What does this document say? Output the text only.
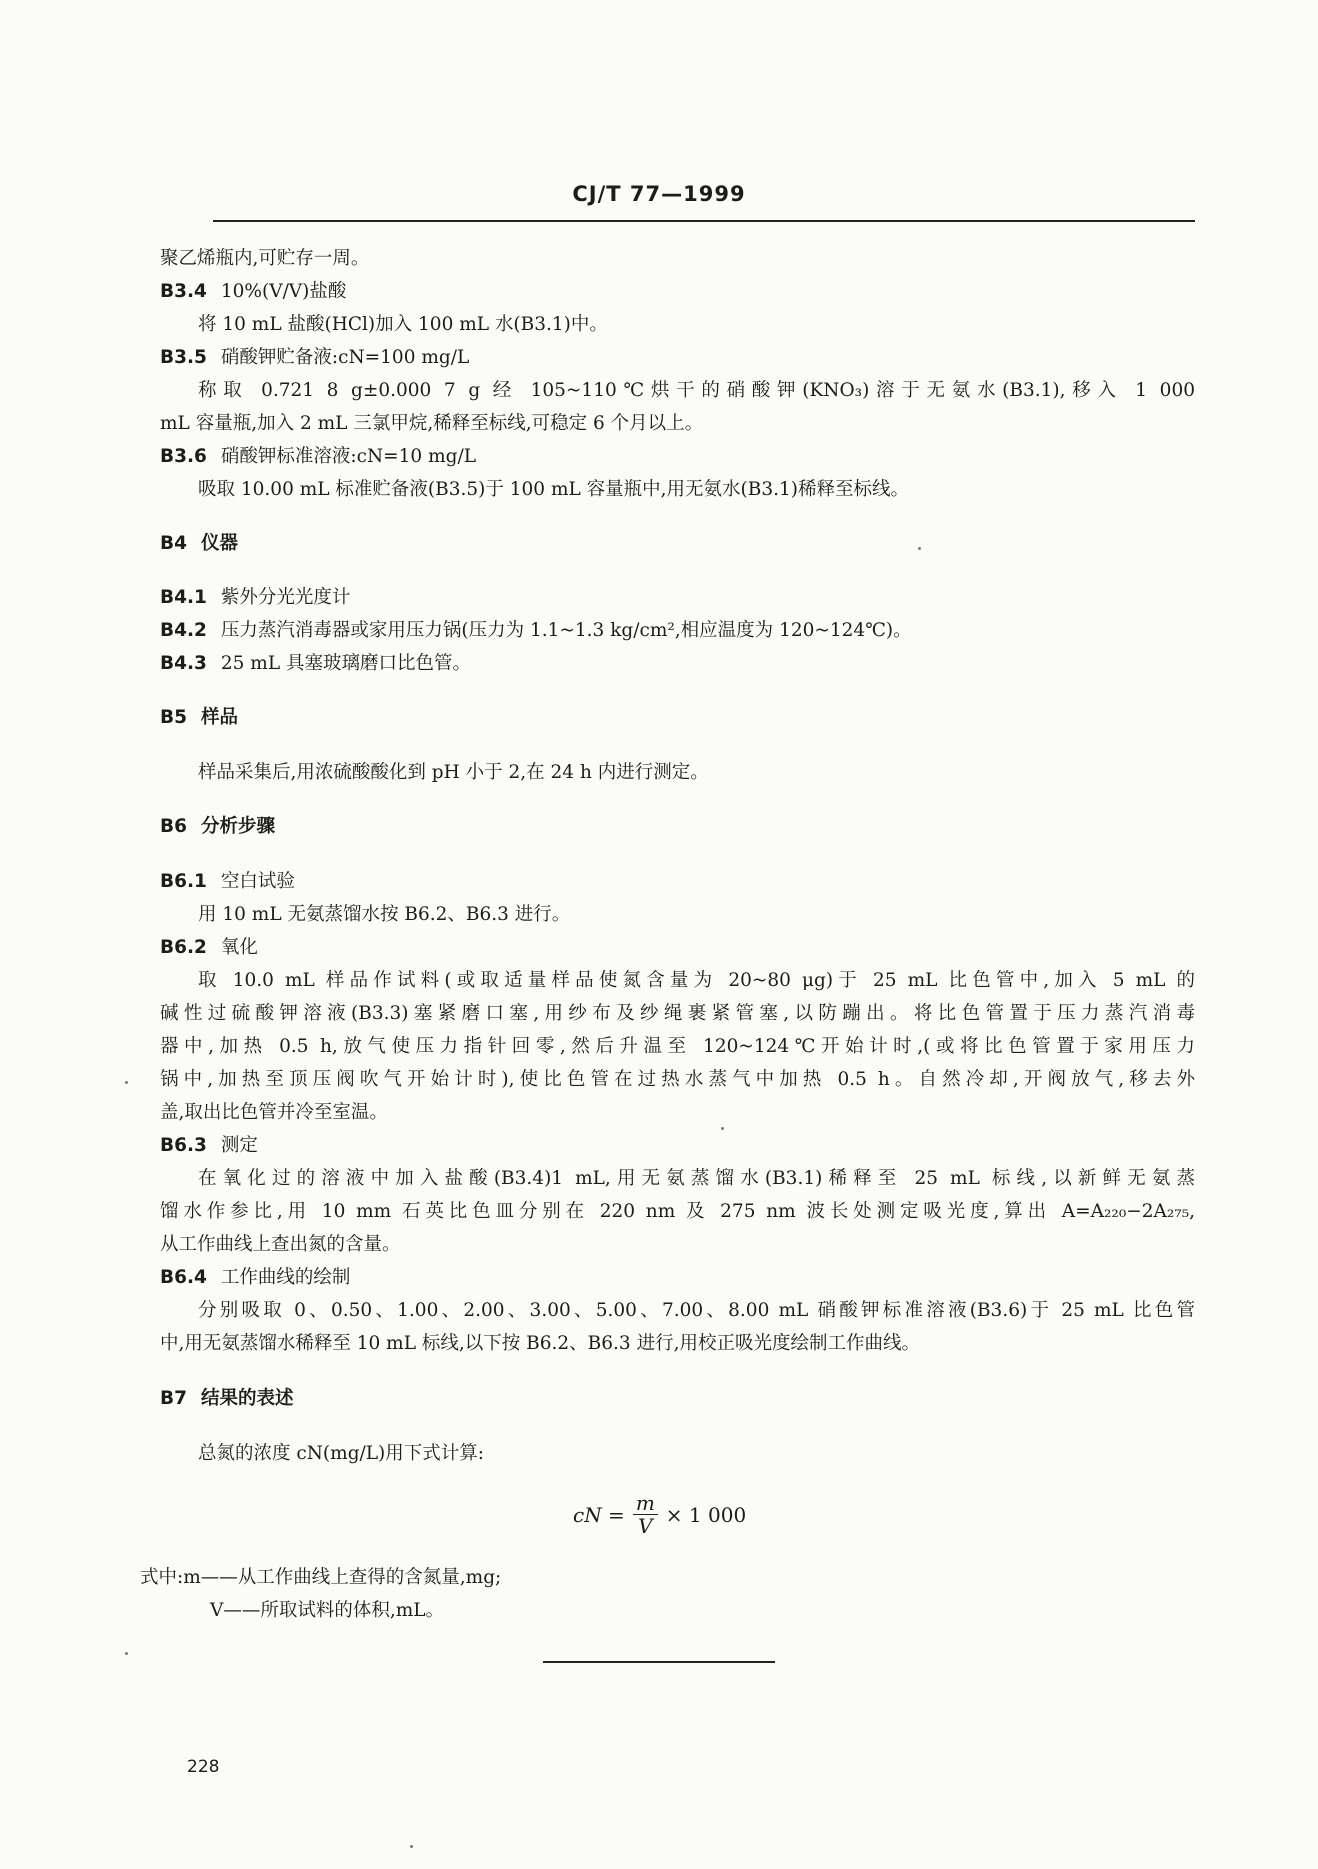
CJ/T 77—1999
聚乙烯瓶内,可贮存一周。
B3.4 10%(V/V)盐酸
将 10 mL 盐酸(HCl)加入 100 mL 水(B3.1)中。
B3.5 硝酸钾贮备液:cN=100 mg/L
称取 0.721 8 g±0.000 7 g 经 105~110℃烘干的硝酸钾(KNO₃)溶于无氨水(B3.1),移入 1 000
mL 容量瓶,加入 2 mL 三氯甲烷,稀释至标线,可稳定 6 个月以上。
B3.6 硝酸钾标准溶液:cN=10 mg/L
吸取 10.00 mL 标准贮备液(B3.5)于 100 mL 容量瓶中,用无氨水(B3.1)稀释至标线。
B4 仪器
B4.1 紫外分光光度计
B4.2 压力蒸汽消毒器或家用压力锅(压力为 1.1~1.3 kg/cm²,相应温度为 120~124℃)。
B4.3 25 mL 具塞玻璃磨口比色管。
B5 样品
样品采集后,用浓硫酸酸化到 pH 小于 2,在 24 h 内进行测定。
B6 分析步骤
B6.1 空白试验
用 10 mL 无氨蒸馏水按 B6.2、B6.3 进行。
B6.2 氧化
取 10.0 mL 样品作试料(或取适量样品使氮含量为 20~80 μg)于 25 mL 比色管中,加入 5 mL 的
碱性过硫酸钾溶液(B3.3)塞紧磨口塞,用纱布及纱绳裹紧管塞,以防蹦出。将比色管置于压力蒸汽消毒
器中,加热 0.5 h,放气使压力指针回零,然后升温至 120~124℃开始计时,(或将比色管置于家用压力
锅中,加热至顶压阀吹气开始计时),使比色管在过热水蒸气中加热 0.5 h。自然冷却,开阀放气,移去外
盖,取出比色管并冷至室温。
B6.3 测定
在氧化过的溶液中加入盐酸(B3.4)1 mL,用无氨蒸馏水(B3.1)稀释至 25 mL 标线,以新鲜无氨蒸
馏水作参比,用 10 mm 石英比色皿分别在 220 nm 及 275 nm 波长处测定吸光度,算出 A=A₂₂₀−2A₂₇₅,
从工作曲线上查出氮的含量。
B6.4 工作曲线的绘制
分别吸取 0、0.50、1.00、2.00、3.00、5.00、7.00、8.00 mL 硝酸钾标准溶液(B3.6)于 25 mL 比色管
中,用无氨蒸馏水稀释至 10 mL 标线,以下按 B6.2、B6.3 进行,用校正吸光度绘制工作曲线。
B7 结果的表述
总氮的浓度 cN(mg/L)用下式计算:
cN = $\frac{m}{V} \times 1$ 000
式中:m——从工作曲线上查得的含氮量,mg;
V——所取试料的体积,mL。
228
